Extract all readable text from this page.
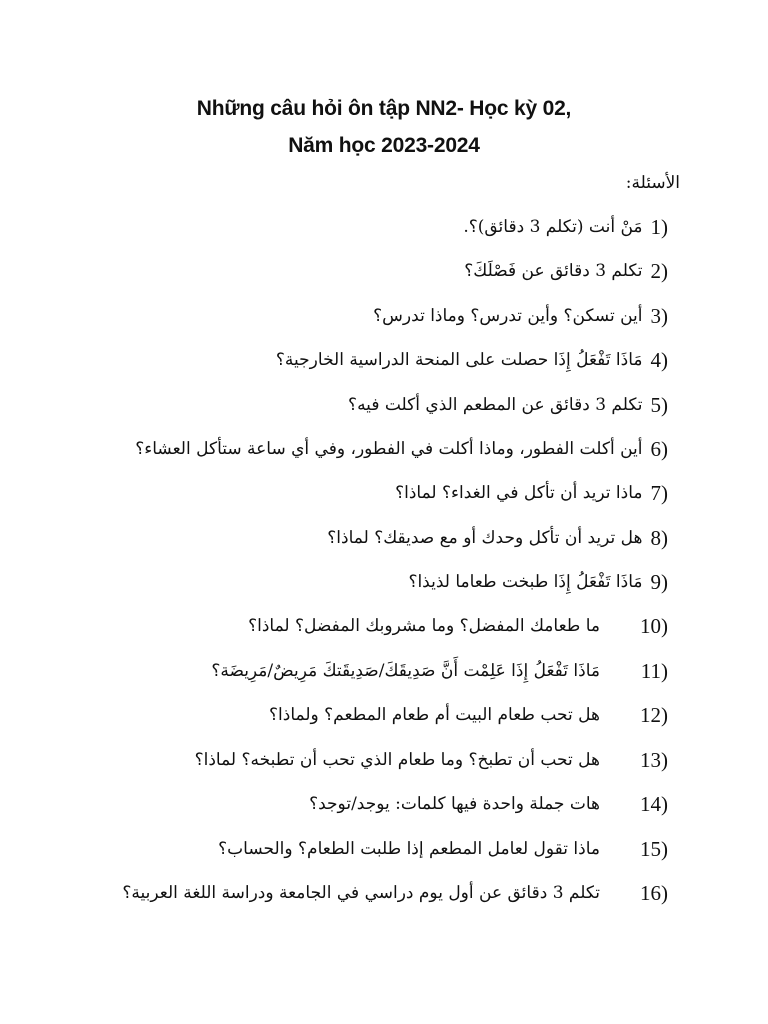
Những câu hỏi ôn tập NN2- Học kỳ 02,
Năm học 2023-2024
الأسئلة:
مَنْ أنت (تكلم 3 دقائق)؟. 1)
تكلم 3 دقائق عن فَصْلَكَ؟ 2)
أين تسكن؟ وأين تدرس؟ وماذا تدرس؟ 3)
مَاذَا تَفْعَلُ إِذَا حصلت على المنحة الدراسية الخارجية؟ 4)
تكلم 3 دقائق عن المطعم الذي أكلت فيه؟ 5)
أين أكلت الفطور، وماذا أكلت في الفطور، وفي أي ساعة ستأكل العشاء؟ 6)
ماذا تريد أن تأكل في الغداء؟ لماذا؟ 7)
هل تريد أن تأكل وحدك أو مع صديقك؟ لماذا؟ 8)
مَاذَا تَفْعَلُ إِذَا طبخت طعاما لذيذا؟ 9)
ما طعامك المفضل؟ وما مشروبك المفضل؟ لماذا؟ 10)
مَاذَا تَفْعَلُ إِذَا عَلِمْت أَنَّ صَدِيقَكَ/صَدِيقَتكَ مَرِيضٌ/مَرِيضَة؟ 11)
هل تحب طعام البيت أم طعام المطعم؟ ولماذا؟ 12)
هل تحب أن تطبخ؟ وما طعام الذي تحب أن تطبخه؟ لماذا؟ 13)
هات جملة واحدة فيها كلمات: يوجد/توجد؟ 14)
ماذا تقول لعامل المطعم إذا طلبت الطعام؟ والحساب؟ 15)
تكلم 3 دقائق عن أول يوم دراسي في الجامعة ودراسة اللغة العربية؟ 16)
